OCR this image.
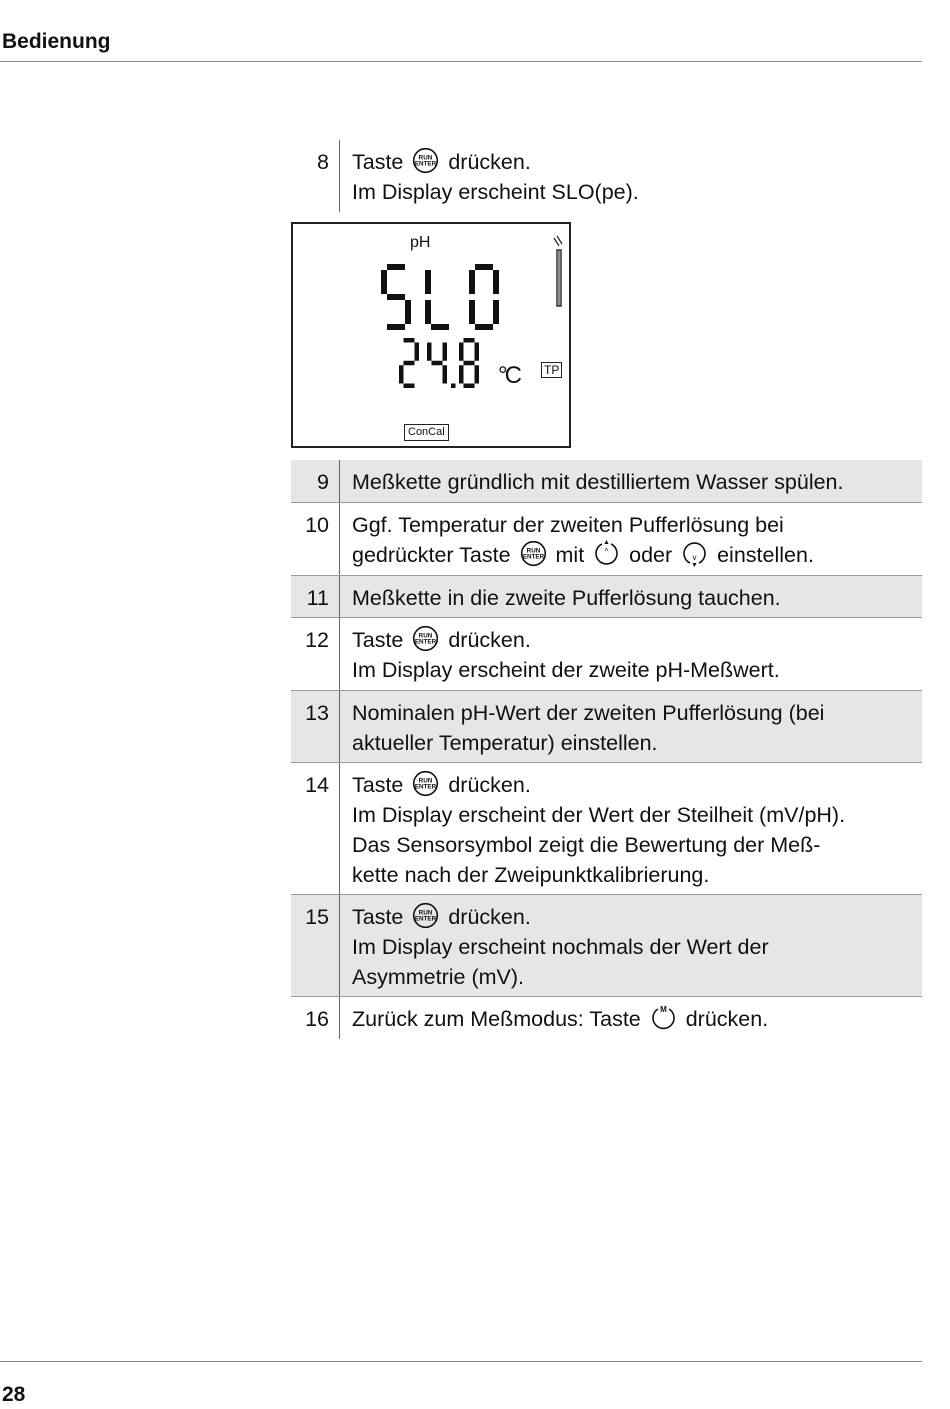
Bedienung
8	Taste RUN
ENTER drücken.
Im Display erscheint SLO(pe).
pH
°C TP
ConCal
9	Meßkette gründlich mit destilliertem Wasser spülen.
10	Ggf. Temperatur der zweiten Pufferlösung bei
gedrückter Taste RUN
ENTER mit ^ oder v einstellen.
11	Meßkette in die zweite Pufferlösung tauchen.
12	Taste RUN
ENTER drücken.
Im Display erscheint der zweite pH-Meßwert.
13	Nominalen pH-Wert der zweiten Pufferlösung (bei
aktueller Temperatur) einstellen.
14	Taste RUN
ENTER drücken.
Im Display erscheint der Wert der Steilheit (mV/pH).
Das Sensorsymbol zeigt die Bewertung der Meß-
kette nach der Zweipunktkalibrierung.
15	Taste RUN
ENTER drücken.
Im Display erscheint nochmals der Wert der
Asymmetrie (mV).
16	Zurück zum Meßmodus: Taste M drücken.
28
